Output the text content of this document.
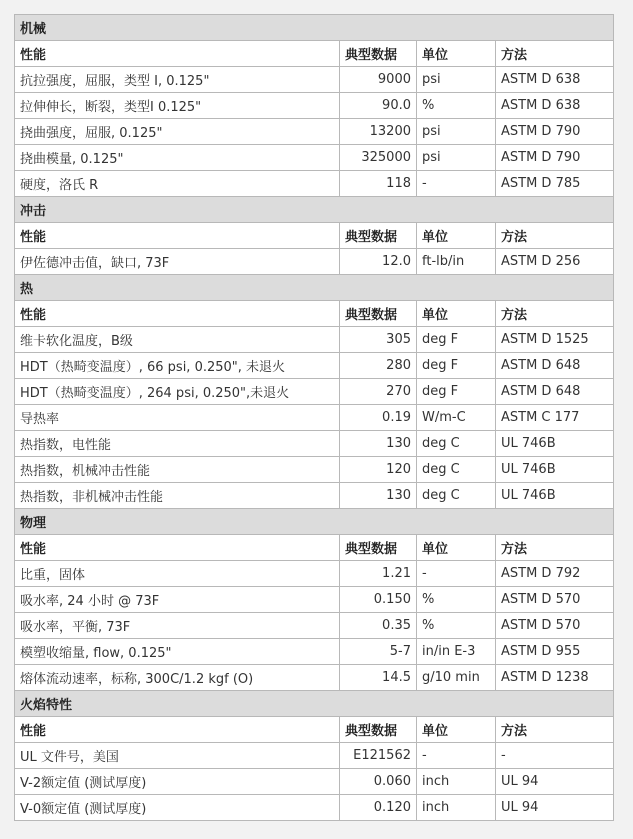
机械			
性能	典型数据	单位	方法
抗拉强度，屈服，类型 I, 0.125"	9000	psi	ASTM D 638
拉伸伸长，断裂，类型I 0.125"	90.0	%	ASTM D 638
挠曲强度，屈服, 0.125"	13200	psi	ASTM D 790
挠曲模量, 0.125"	325000	psi	ASTM D 790
硬度，洛氏 R	118	-	ASTM D 785
冲击			
性能	典型数据	单位	方法
伊佐德冲击值，缺口, 73F	12.0	ft-lb/in	ASTM D 256
热			
性能	典型数据	单位	方法
维卡软化温度，B级	305	deg F	ASTM D 1525
HDT（热畸变温度）, 66 psi, 0.250", 未退火	280	deg F	ASTM D 648
HDT（热畸变温度）, 264 psi, 0.250",未退火	270	deg F	ASTM D 648
导热率	0.19	W/m-C	ASTM C 177
热指数，电性能	130	deg C	UL 746B
热指数，机械冲击性能	120	deg C	UL 746B
热指数，非机械冲击性能	130	deg C	UL 746B
物理			
性能	典型数据	单位	方法
比重，固体	1.21	-	ASTM D 792
吸水率, 24 小时 @ 73F	0.150	%	ASTM D 570
吸水率，平衡, 73F	0.35	%	ASTM D 570
模塑收缩量, flow, 0.125"	5-7	in/in E-3	ASTM D 955
熔体流动速率，标称, 300C/1.2 kgf (O)	14.5	g/10 min	ASTM D 1238
火焰特性			
性能	典型数据	单位	方法
UL 文件号，美国	E121562	-	-
V-2额定值 (测试厚度)	0.060	inch	UL 94
V-0额定值 (测试厚度)	0.120	inch	UL 94
